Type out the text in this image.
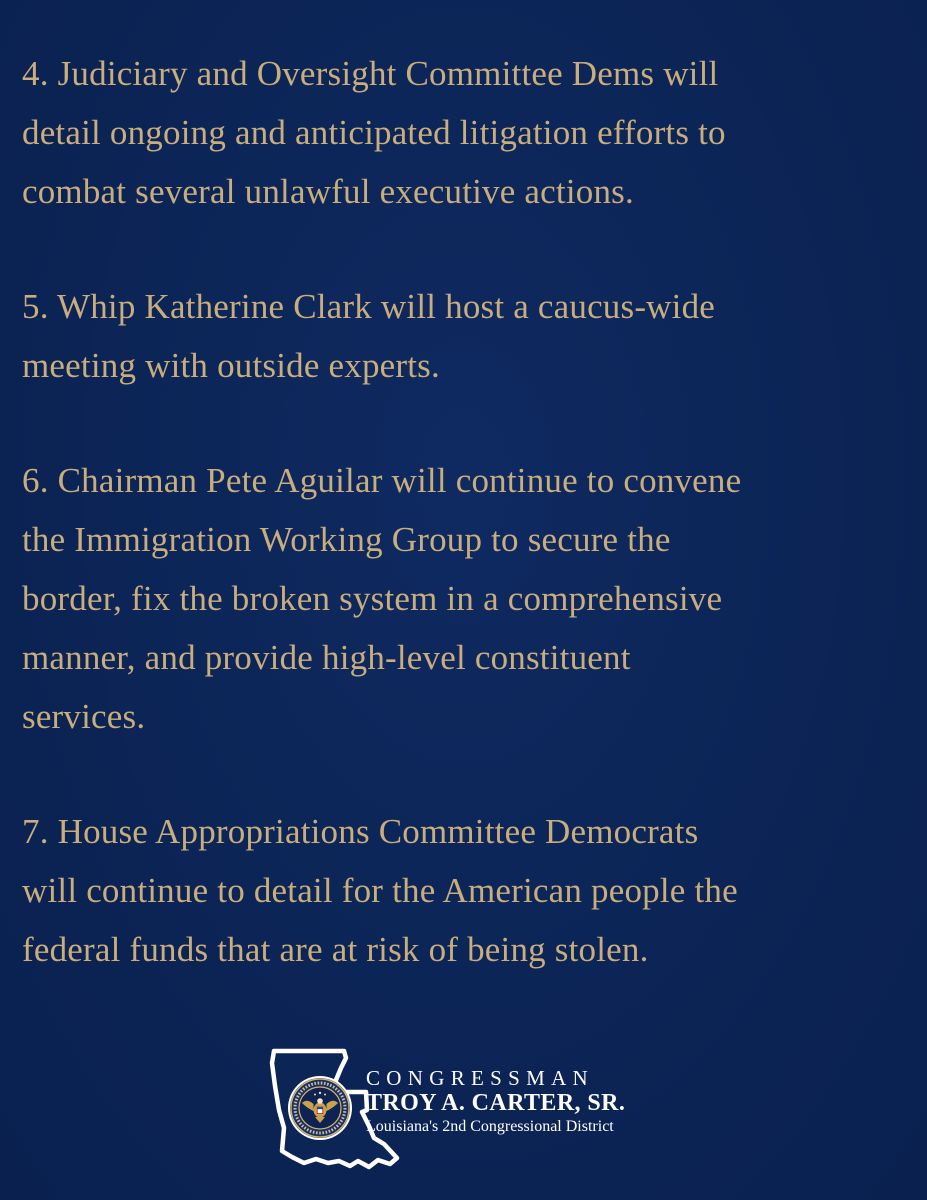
4. Judiciary and Oversight Committee Dems will
detail ongoing and anticipated litigation efforts to
combat several unlawful executive actions.

5. Whip Katherine Clark will host a caucus-wide
meeting with outside experts.

6. Chairman Pete Aguilar will continue to convene
the Immigration Working Group to secure the
border, fix the broken system in a comprehensive
manner, and provide high-level constituent
services.

7. House Appropriations Committee Democrats
will continue to detail for the American people the
federal funds that are at risk of being stolen.

CONGRESSMAN
TROY A. CARTER, SR.
Louisiana's 2nd Congressional District
